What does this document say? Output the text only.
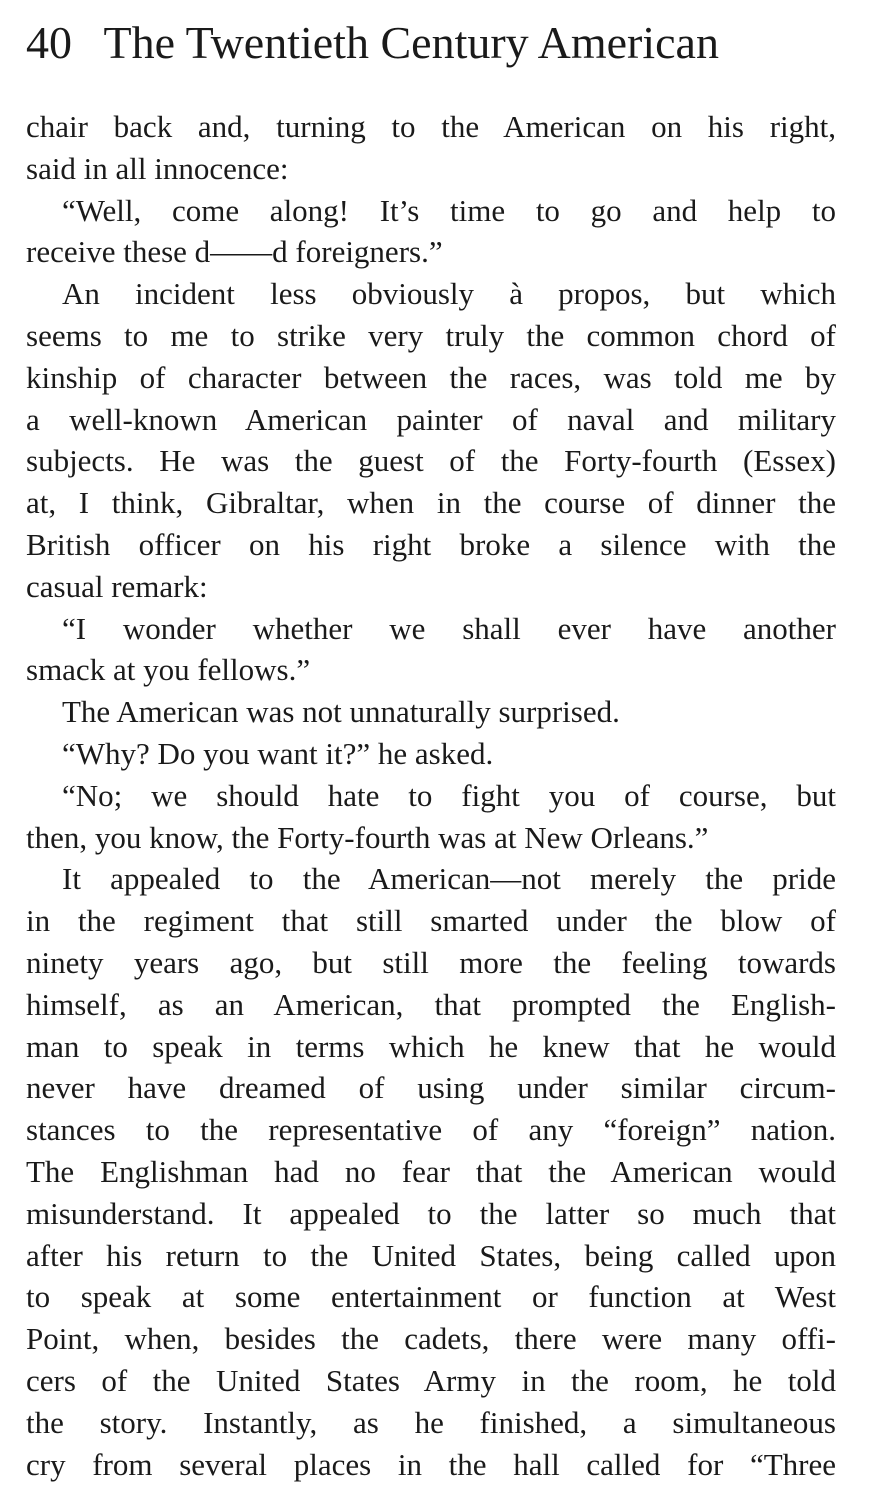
40 The Twentieth Century American
chair back and, turning to the American on his right,
said in all innocence:
“Well, come along! It’s time to go and help to
receive these d——d foreigners.”
An incident less obviously à propos, but which
seems to me to strike very truly the common chord of
kinship of character between the races, was told me by
a well-known American painter of naval and military
subjects. He was the guest of the Forty-fourth (Essex)
at, I think, Gibraltar, when in the course of dinner the
British officer on his right broke a silence with the
casual remark:
“I wonder whether we shall ever have another
smack at you fellows.”
The American was not unnaturally surprised.
“Why? Do you want it?” he asked.
“No; we should hate to fight you of course, but
then, you know, the Forty-fourth was at New Orleans.”
It appealed to the American—not merely the pride
in the regiment that still smarted under the blow of
ninety years ago, but still more the feeling towards
himself, as an American, that prompted the English-
man to speak in terms which he knew that he would
never have dreamed of using under similar circum-
stances to the representative of any “foreign” nation.
The Englishman had no fear that the American would
misunderstand. It appealed to the latter so much that
after his return to the United States, being called upon
to speak at some entertainment or function at West
Point, when, besides the cadets, there were many offi-
cers of the United States Army in the room, he told
the story. Instantly, as he finished, a simultaneous
cry from several places in the hall called for “Three
